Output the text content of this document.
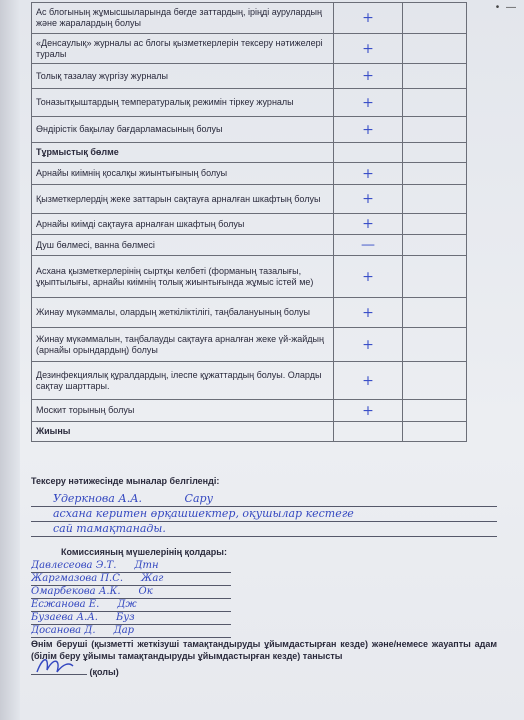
• —
Ас блогының жұмысшыларында бөгде заттардың, іріңді аурулардың және жаралардың болуы	+	
«Денсаулық» журналы ас блогы қызметкерлерін тексеру нәтижелері туралы	+	
Толық тазалау жүргізу журналы	+	
Тоназытқыштардың температуралық режимін тіркеу журналы	+	
Өндірістік бақылау бағдарламасының болуы	+	
Тұрмыстық бөлме		
Арнайы киімнің қосалқы жиынтығының болуы	+	
Қызметкерлердің жеке заттарын сақтауға арналған шкафтың болуы	+	
Арнайы киімді сақтауға арналған шкафтың болуы	+	
Душ бөлмесі, ванна бөлмесі	—	
Асхана қызметкерлерінің сыртқы келбеті (форманың тазалығы, ұқыптылығы, арнайы киімнің толық жиынтығында жұмыс істей ме)	+	
Жинау мүкәммалы, олардың жеткіліктілігі, таңбалануының болуы	+	
Жинау мүкәммалын, таңбалауды сақтауға арналған жеке үй-жайдың (арнайы орындардың) болуы	+	
Дезинфекциялық құралдардың, ілеспе құжаттардың болуы. Оларды сақтау шарттары.	+	
Москит торының болуы	+	
Жиыны		
Тексеру нәтижесінде мыналар белгіленді:
Удеркнова А.А.	Сару
асхана керитен өрқашшектер, оқушылар кестеге
сай тамақтанады.
Комиссияның мүшелерінің қолдары:
Давлесеова Э.Т. Дтн
Жаргмазова П.С. Жаг
Омарбекова А.К. Ок
Есжанова Е. Дж
Бузаева А.А. Буз
Досанова Д. Дар
Өнім беруші (қызметті жеткізуші тамақтандыруды ұйымдастырған кезде) және/немесе жауапты адам (білім беру ұйымы тамақтандыруды ұйымдастырған кезде) танысты
(қолы)
